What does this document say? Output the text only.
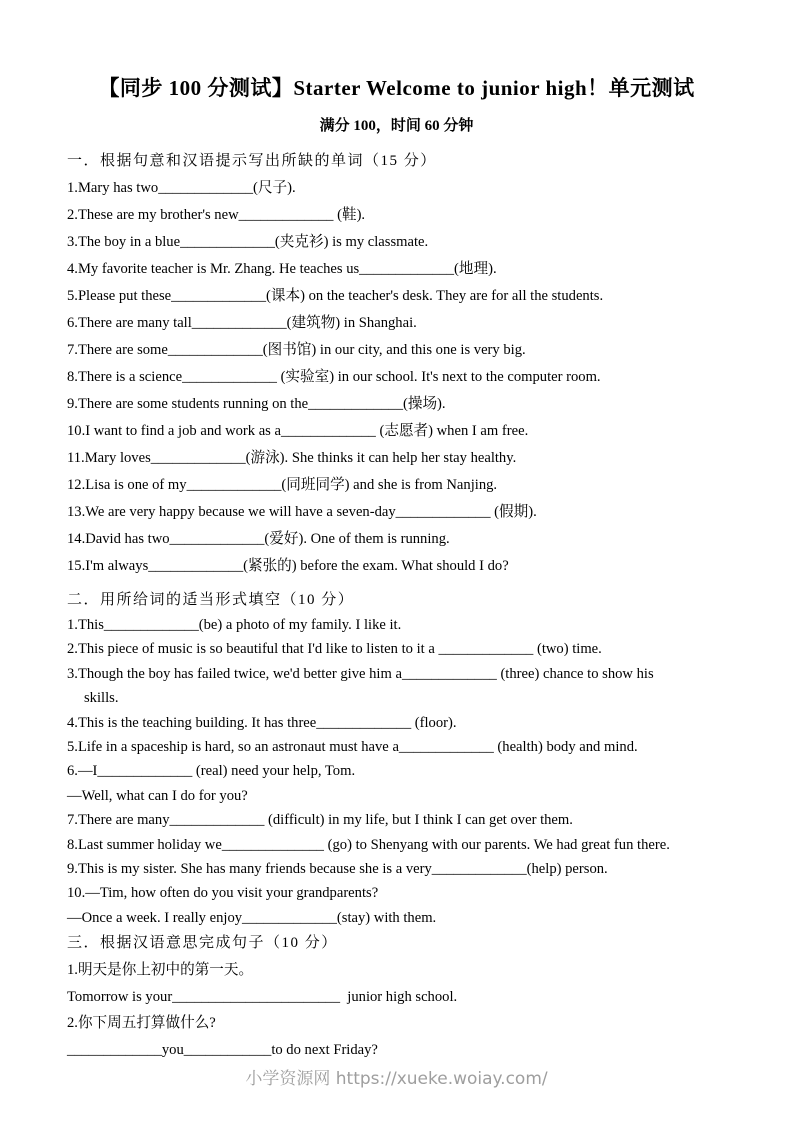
【同步 100 分测试】Starter Welcome to junior high！单元测试
满分 100，时间 60 分钟
一．根据句意和汉语提示写出所缺的单词（15 分）

1.Mary has two_____________(尺子).

2.These are my brother's new_____________ (鞋).

3.The boy in a blue_____________(夹克衫) is my classmate.

4.My favorite teacher is Mr. Zhang. He teaches us_____________(地理).

5.Please put these_____________(课本) on the teacher's desk. They are for all the students.

6.There are many tall_____________(建筑物) in Shanghai.

7.There are some_____________(图书馆) in our city, and this one is very big.

8.There is a science_____________ (实验室) in our school. It's next to the computer room.

9.There are some students running on the_____________(操场).

10.I want to find a job and work as a_____________ (志愿者) when I am free.

11.Mary loves_____________(游泳). She thinks it can help her stay healthy.

12.Lisa is one of my_____________(同班同学) and she is from Nanjing.

13.We are very happy because we will have a seven-day_____________ (假期).

14.David has two_____________(爱好). One of them is running.

15.I'm always_____________(紧张的) before the exam. What should I do?

二．用所给词的适当形式填空（10 分）

1.This_____________(be) a photo of my family. I like it.

2.This piece of music is so beautiful that I'd like to listen to it a _____________ (two) time.

3.Though the boy has failed twice, we'd better give him a_____________ (three) chance to show his

skills.

4.This is the teaching building. It has three_____________ (floor).

5.Life in a spaceship is hard, so an astronaut must have a_____________ (health) body and mind.

6.—I_____________ (real) need your help, Tom.

—Well, what can I do for you?

7.There are many_____________ (difficult) in my life, but I think I can get over them.

8.Last summer holiday we______________ (go) to Shenyang with our parents. We had great fun there.

9.This is my sister. She has many friends because she is a very_____________(help) person.

10.—Tim, how often do you visit your grandparents?

—Once a week. I really enjoy_____________(stay) with them.

三．根据汉语意思完成句子（10 分）

1.明天是你上初中的第一天。

Tomorrow is your_______________________  junior high school.

2.你下周五打算做什么?

_____________you____________to do next Friday?

小学资源网 https://xueke.woiay.com/
